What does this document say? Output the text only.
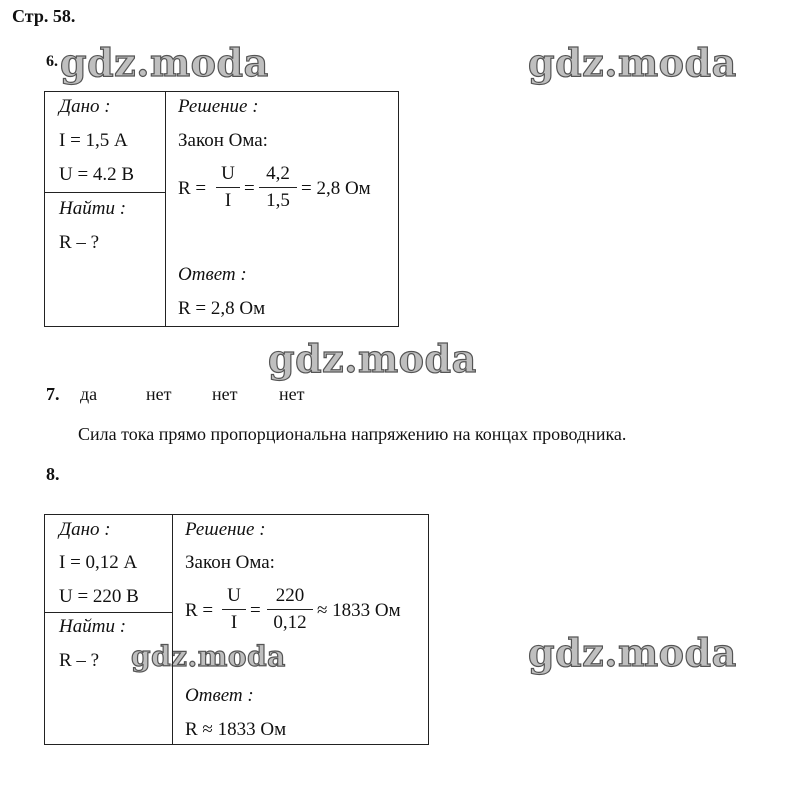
Стр. 58.
gdz.moda	gdz.moda
gdz.moda
gdz.moda
gdz.moda
6.
Дано :
I = 1,5 А
U = 4.2 В
Найти :
R – ?
Решение :
Закон Ома:
R =
U
I
=
4,2
1,5
= 2,8 Ом
Ответ :
R = 2,8 Ом
7. да	нет нет нет
Сила тока прямо пропорциональна напряжению на концах проводника.
8.
Дано :
I = 0,12 А
U = 220 В
Найти :
R – ?
Решение :
Закон Ома:
R =
U
I
=
220
0,12
≈ 1833 Ом
Ответ :
R ≈ 1833 Ом
